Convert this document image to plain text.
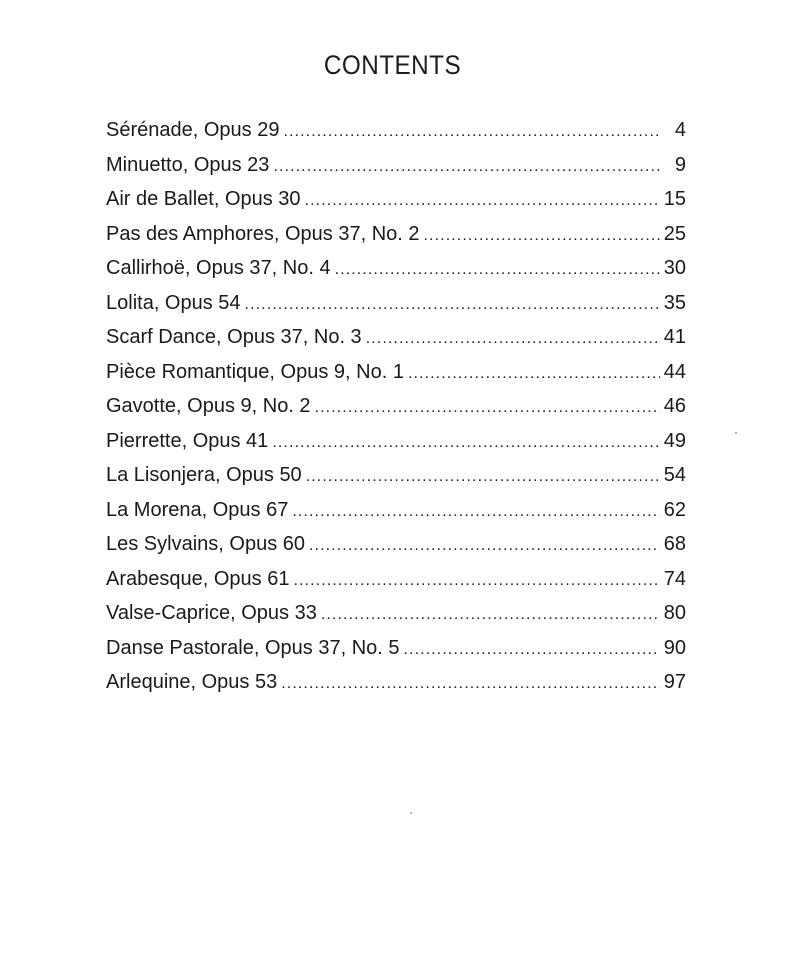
CONTENTS
Sérénade, Opus 29 .....	4
Minuetto, Opus 23 .....	9
Air de Ballet, Opus 30 .....	15
Pas des Amphores, Opus 37, No. 2 .....	25
Callirhoë, Opus 37, No. 4 .....	30
Lolita, Opus 54 .....	35
Scarf Dance, Opus 37, No. 3 .....	41
Pièce Romantique, Opus 9, No. 1 .....	44
Gavotte, Opus 9, No. 2 .....	46
Pierrette, Opus 41 .....	49
La Lisonjera, Opus 50 .....	54
La Morena, Opus 67 .....	62
Les Sylvains, Opus 60 .....	68
Arabesque, Opus 61 .....	74
Valse-Caprice, Opus 33 .....	80
Danse Pastorale, Opus 37, No. 5 .....	90
Arlequine, Opus 53 .....	97
